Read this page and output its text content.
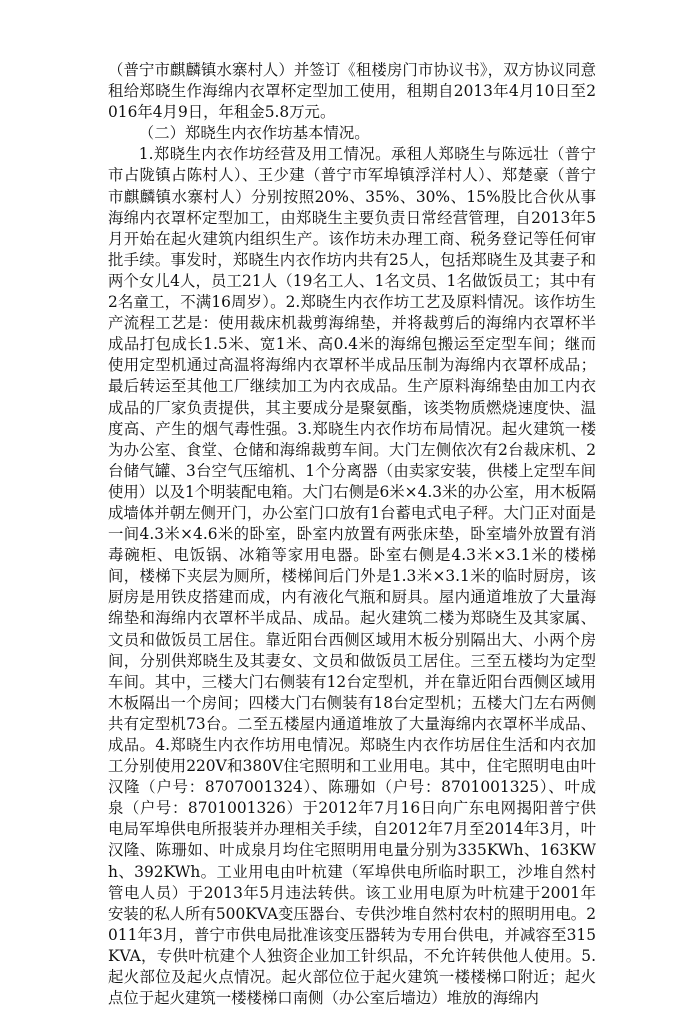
（普宁市麒麟镇水寨村人）并签订《租楼房门市协议书》，双方协议同意租给郑晓生作海绵内衣罩杯定型加工使用，租期自2013年4月10日至2016年4月9日，年租金5.8万元。

（二）郑晓生内衣作坊基本情况。

1.郑晓生内衣作坊经营及用工情况。承租人郑晓生与陈远壮（普宁市占陇镇占陈村人）、王少建（普宁市军埠镇浮洋村人）、郑楚豪（普宁市麒麟镇水寨村人）分别按照20%、35%、30%、15%股比合伙从事海绵内衣罩杯定型加工，由郑晓生主要负责日常经营管理，自2013年5月开始在起火建筑内组织生产。该作坊未办理工商、税务登记等任何审批手续。事发时，郑晓生内衣作坊内共有25人，包括郑晓生及其妻子和两个女儿4人，员工21人（19名工人、1名文员、1名做饭员工；其中有2名童工，不满16周岁）。2.郑晓生内衣作坊工艺及原料情况。该作坊生产流程工艺是：使用裁床机裁剪海绵垫，并将裁剪后的海绵内衣罩杯半成品打包成长1.5米、宽1米、高0.4米的海绵包搬运至定型车间；继而使用定型机通过高温将海绵内衣罩杯半成品压制为海绵内衣罩杯成品；最后转运至其他工厂继续加工为内衣成品。生产原料海绵垫由加工内衣成品的厂家负责提供，其主要成分是聚氨酯，该类物质燃烧速度快、温度高、产生的烟气毒性强。3.郑晓生内衣作坊布局情况。起火建筑一楼为办公室、食堂、仓储和海绵裁剪车间。大门左侧依次有2台裁床机、2台储气罐、3台空气压缩机、1个分离器（由卖家安装，供楼上定型车间使用）以及1个明装配电箱。大门右侧是6米×4.3米的办公室，用木板隔成墙体并朝左侧开门，办公室门口放有1台蓄电式电子秤。大门正对面是一间4.3米×4.6米的卧室，卧室内放置有两张床垫，卧室墙外放置有消毒碗柜、电饭锅、冰箱等家用电器。卧室右侧是4.3米×3.1米的楼梯间，楼梯下夹层为厕所，楼梯间后门外是1.3米×3.1米的临时厨房，该厨房是用铁皮搭建而成，内有液化气瓶和厨具。屋内通道堆放了大量海绵垫和海绵内衣罩杯半成品、成品。起火建筑二楼为郑晓生及其家属、文员和做饭员工居住。靠近阳台西侧区域用木板分别隔出大、小两个房间，分别供郑晓生及其妻女、文员和做饭员工居住。三至五楼均为定型车间。其中，三楼大门右侧装有12台定型机，并在靠近阳台西侧区域用木板隔出一个房间；四楼大门右侧装有18台定型机；五楼大门左右两侧共有定型机73台。二至五楼屋内通道堆放了大量海绵内衣罩杯半成品、成品。4.郑晓生内衣作坊用电情况。郑晓生内衣作坊居住生活和内衣加工分别使用220V和380V住宅照明和工业用电。其中，住宅照明电由叶汉隆（户号：8707001324）、陈珊如（户号：8701001325）、叶成泉（户号：8701001326）于2012年7月16日向广东电网揭阳普宁供电局军埠供电所报装并办理相关手续，自2012年7月至2014年3月，叶汉隆、陈珊如、叶成泉月均住宅照明用电量分别为335KWh、163KWh、392KWh。工业用电由叶杭建（军埠供电所临时职工，沙堆自然村管电人员）于2013年5月违法转供。该工业用电原为叶杭建于2001年安装的私人所有500KVA变压器台、专供沙堆自然村农村的照明用电。2011年3月，普宁市供电局批准该变压器转为专用台供电，并减容至315KVA，专供叶杭建个人独资企业加工针织品，不允许转供他人使用。5.起火部位及起火点情况。起火部位位于起火建筑一楼楼梯口附近；起火点位于起火建筑一楼楼梯口南侧（办公室后墙边）堆放的海绵内
